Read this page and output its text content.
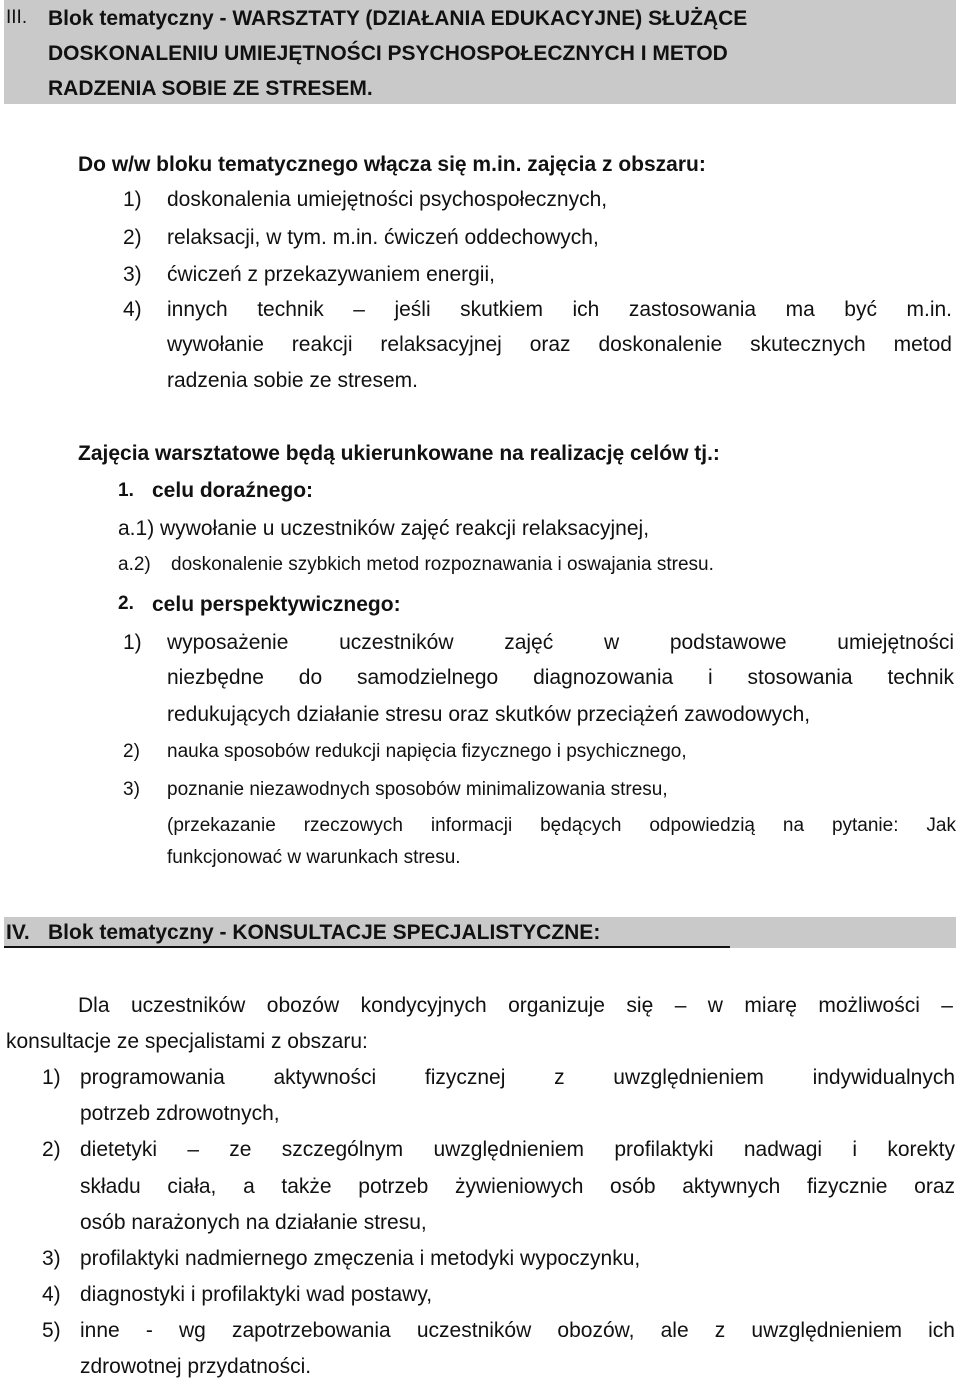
III. Blok tematyczny - WARSZTATY (DZIAŁANIA EDUKACYJNE) SŁUŻĄCE
DOSKONALENIU UMIEJĘTNOŚCI PSYCHOSPOŁECZNYCH I METOD
RADZENIA SOBIE ZE STRESEM.
Do w/w bloku tematycznego włącza się m.in. zajęcia z obszaru:
1) doskonalenia umiejętności psychospołecznych,
2) relaksacji, w tym. m.in. ćwiczeń oddechowych,
3) ćwiczeń z przekazywaniem energii,
4) innych technik – jeśli skutkiem ich zastosowania ma być m.in.
wywołanie reakcji relaksacyjnej oraz doskonalenie skutecznych metod
radzenia sobie ze stresem.
Zajęcia warsztatowe będą ukierunkowane na realizację celów tj.:
1. celu doraźnego:
a.1) wywołanie u uczestników zajęć reakcji relaksacyjnej,
a.2) doskonalenie szybkich metod rozpoznawania i oswajania stresu.
2. celu perspektywicznego:
1) wyposażenie uczestników zajęć w podstawowe umiejętności
niezbędne do samodzielnego diagnozowania i stosowania technik
redukujących działanie stresu oraz skutków przeciążeń zawodowych,
2) nauka sposobów redukcji napięcia fizycznego i psychicznego,
3) poznanie niezawodnych sposobów minimalizowania stresu,
(przekazanie rzeczowych informacji będących odpowiedzią na pytanie: Jak
funkcjonować w warunkach stresu.
IV. Blok tematyczny - KONSULTACJE SPECJALISTYCZNE:
Dla uczestników obozów kondycyjnych organizuje się – w miarę możliwości –
konsultacje ze specjalistami z obszaru:
1) programowania aktywności fizycznej z uwzględnieniem indywidualnych
potrzeb zdrowotnych,
2) dietetyki – ze szczególnym uwzględnieniem profilaktyki nadwagi i korekty
składu ciała, a także potrzeb żywieniowych osób aktywnych fizycznie oraz
osób narażonych na działanie stresu,
3) profilaktyki nadmiernego zmęczenia i metodyki wypoczynku,
4) diagnostyki i profilaktyki wad postawy,
5) inne - wg zapotrzebowania uczestników obozów, ale z uwzględnieniem ich
zdrowotnej przydatności.
